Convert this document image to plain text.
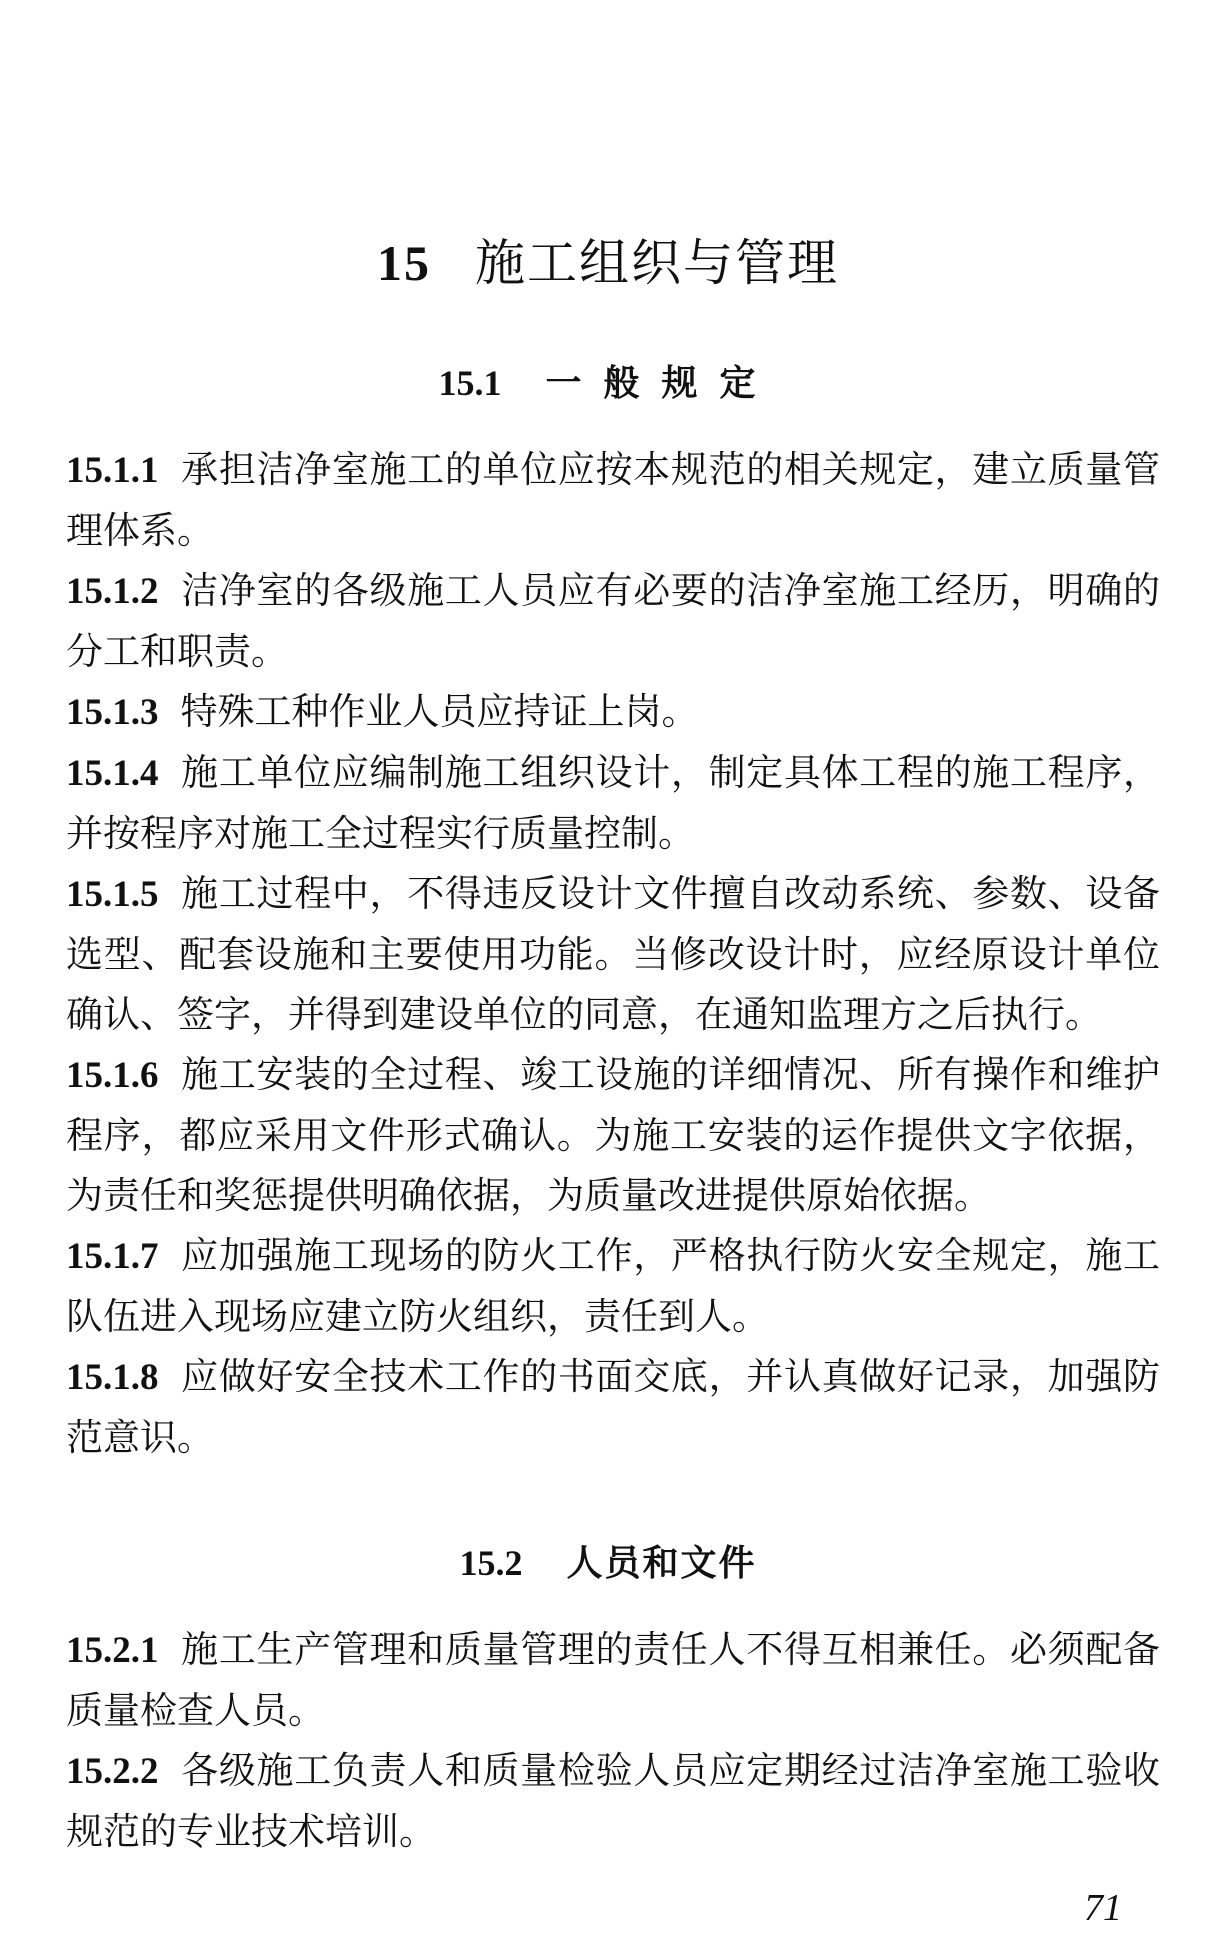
15 施工组织与管理
15.1 一般规定

15.1.1 承担洁净室施工的单位应按本规范的相关规定，建立质量管理体系。

15.1.2 洁净室的各级施工人员应有必要的洁净室施工经历，明确的分工和职责。

15.1.3 特殊工种作业人员应持证上岗。

15.1.4 施工单位应编制施工组织设计，制定具体工程的施工程序，并按程序对施工全过程实行质量控制。

15.1.5 施工过程中，不得违反设计文件擅自改动系统、参数、设备选型、配套设施和主要使用功能。当修改设计时，应经原设计单位确认、签字，并得到建设单位的同意，在通知监理方之后执行。

15.1.6 施工安装的全过程、竣工设施的详细情况、所有操作和维护程序，都应采用文件形式确认。为施工安装的运作提供文字依据，为责任和奖惩提供明确依据，为质量改进提供原始依据。

15.1.7 应加强施工现场的防火工作，严格执行防火安全规定，施工队伍进入现场应建立防火组织，责任到人。

15.1.8 应做好安全技术工作的书面交底，并认真做好记录，加强防范意识。

15.2 人员和文件

15.2.1 施工生产管理和质量管理的责任人不得互相兼任。必须配备质量检查人员。

15.2.2 各级施工负责人和质量检验人员应定期经过洁净室施工验收规范的专业技术培训。

71
